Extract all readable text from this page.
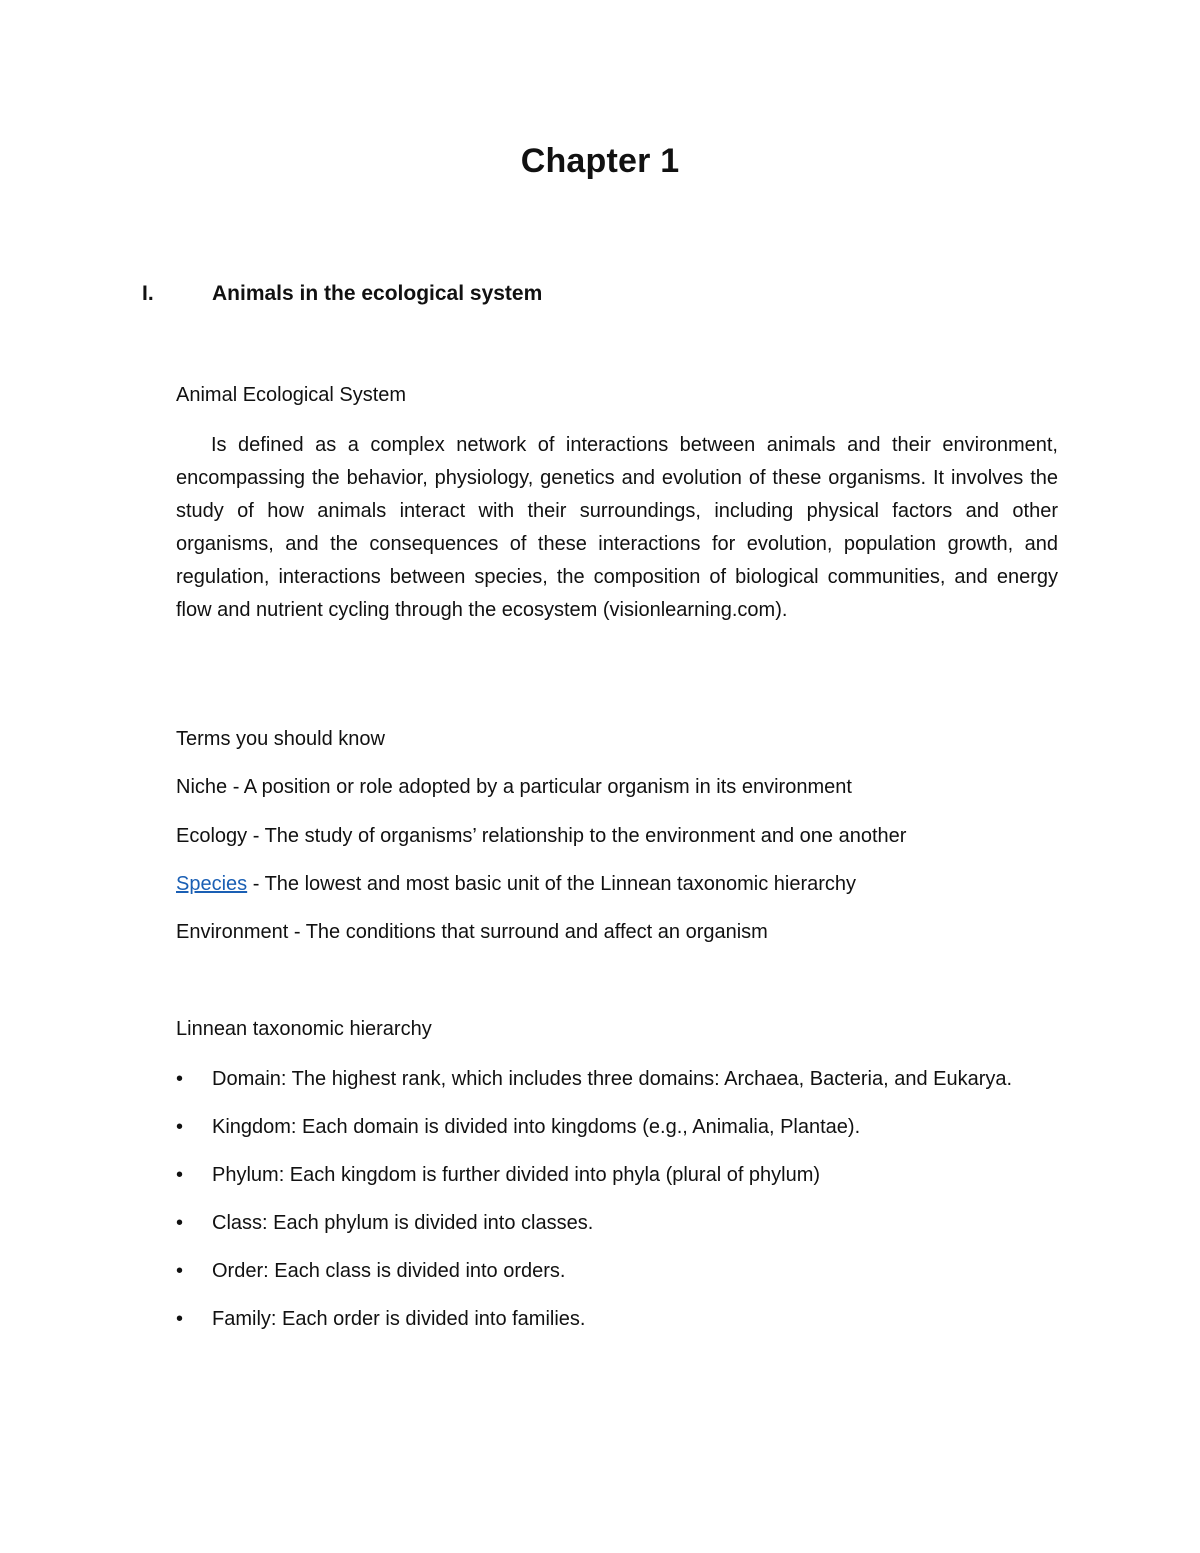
Chapter 1
I.	Animals in the ecological system
Animal Ecological System
Is defined as a complex network of interactions between animals and their environment, encompassing the behavior, physiology, genetics and evolution of these organisms. It involves the study of how animals interact with their surroundings, including physical factors and other organisms, and the consequences of these interactions for evolution, population growth, and regulation, interactions between species, the composition of biological communities, and energy flow and nutrient cycling through the ecosystem (visionlearning.com).
Terms you should know
Niche - A position or role adopted by a particular organism in its environment
Ecology - The study of organisms’ relationship to the environment and one another
Species - The lowest and most basic unit of the Linnean taxonomic hierarchy
Environment - The conditions that surround and affect an organism
Linnean taxonomic hierarchy
• Domain: The highest rank, which includes three domains: Archaea, Bacteria, and Eukarya.
• Kingdom: Each domain is divided into kingdoms (e.g., Animalia, Plantae).
• Phylum: Each kingdom is further divided into phyla (plural of phylum)
• Class: Each phylum is divided into classes.
• Order: Each class is divided into orders.
• Family: Each order is divided into families.
